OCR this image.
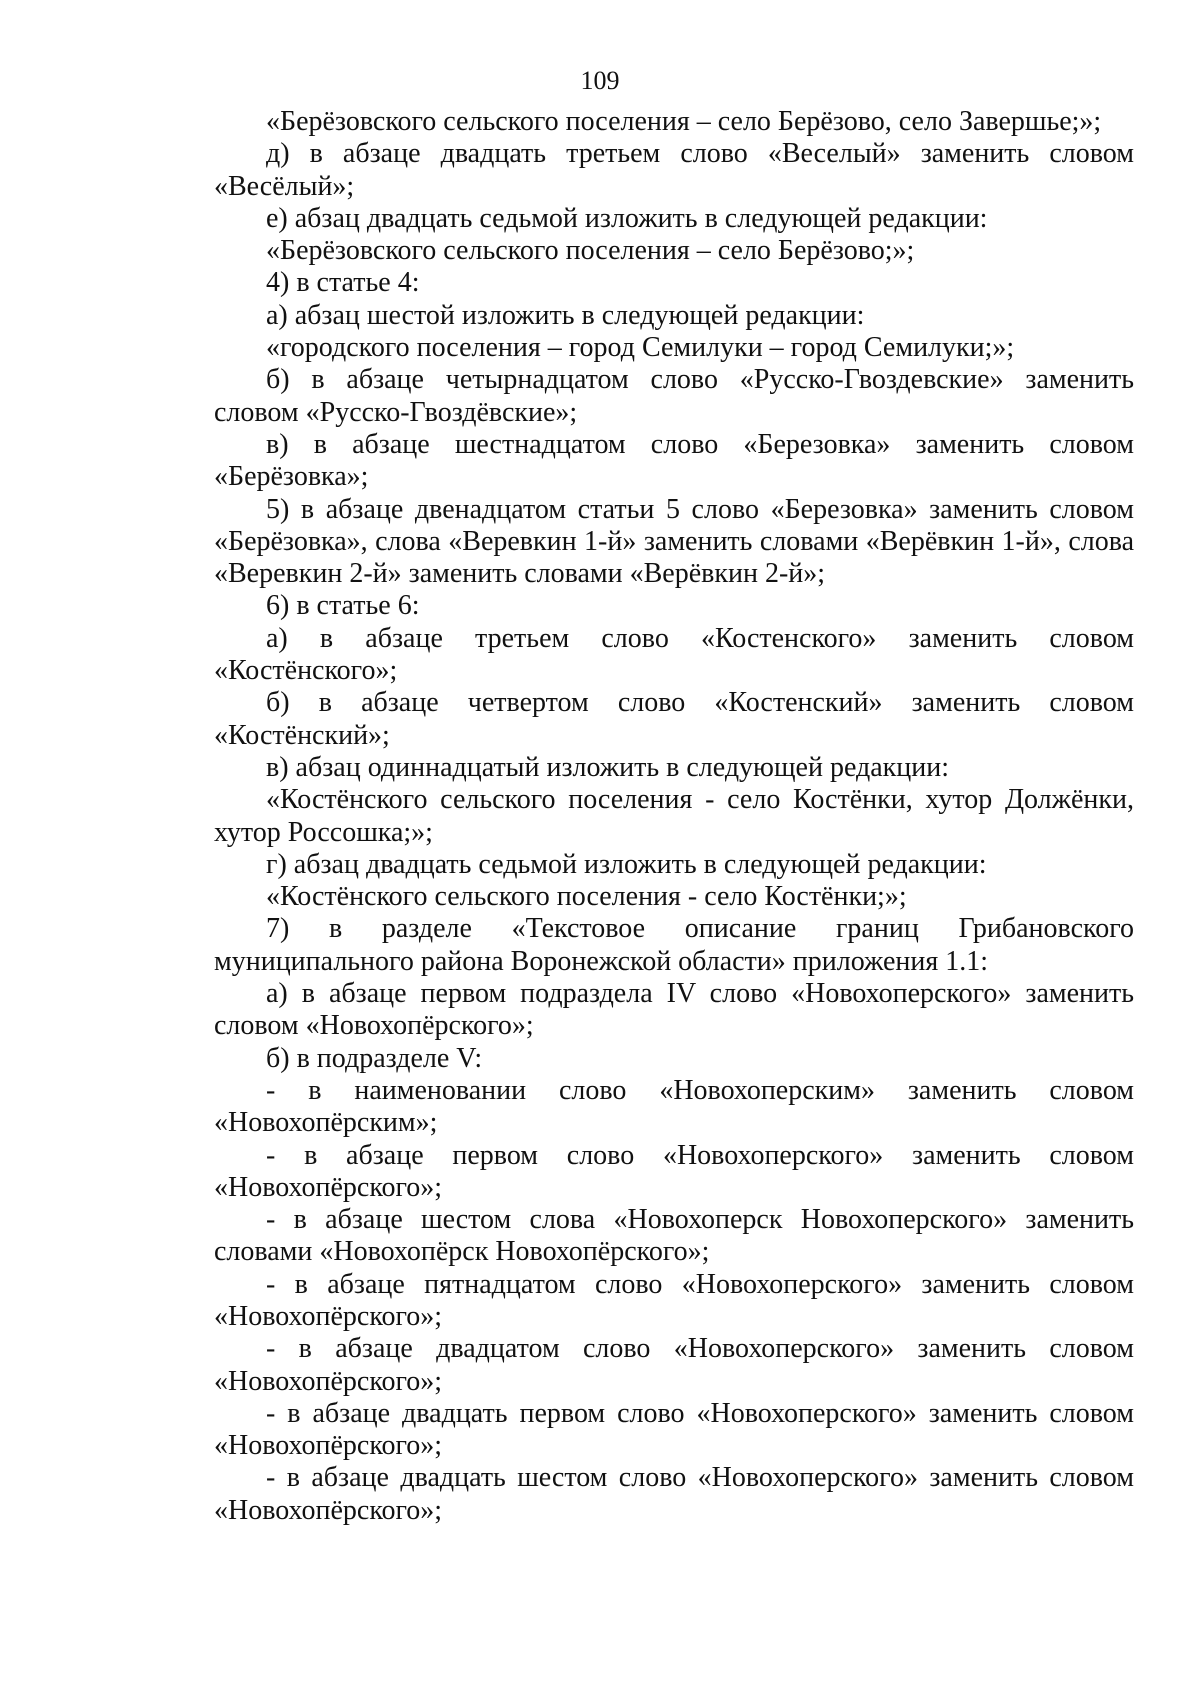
109

«Берёзовского сельского поселения – село Берёзово, село Завершье;»;

д) в абзаце двадцать третьем слово «Веселый» заменить словом «Весёлый»;

е) абзац двадцать седьмой изложить в следующей редакции:

«Берёзовского сельского поселения – село Берёзово;»;

4) в статье 4:

а) абзац шестой изложить в следующей редакции:

«городского поселения – город Семилуки – город Семилуки;»;

б) в абзаце четырнадцатом слово «Русско-Гвоздевские» заменить словом «Русско-Гвоздёвские»;

в) в абзаце шестнадцатом слово «Березовка» заменить словом «Берёзовка»;

5) в абзаце двенадцатом статьи 5 слово «Березовка» заменить словом «Берёзовка», слова «Веревкин 1-й» заменить словами «Верёвкин 1-й», слова «Веревкин 2-й» заменить словами «Верёвкин 2-й»;

6) в статье 6:

а) в абзаце третьем слово «Костенского» заменить словом «Костёнского»;

б) в абзаце четвертом слово «Костенский» заменить словом «Костёнский»;

в) абзац одиннадцатый изложить в следующей редакции:

«Костёнского сельского поселения - село Костёнки, хутор Должёнки, хутор Россошка;»;

г) абзац двадцать седьмой изложить в следующей редакции:

«Костёнского сельского поселения - село Костёнки;»;

7) в разделе «Текстовое описание границ Грибановского муниципального района Воронежской области» приложения 1.1:

а) в абзаце первом подраздела IV слово «Новохоперского» заменить словом «Новохопёрского»;

б) в подразделе V:

- в наименовании слово «Новохоперским» заменить словом «Новохопёрским»;

- в абзаце первом слово «Новохоперского» заменить словом «Новохопёрского»;

- в абзаце шестом слова «Новохоперск Новохоперского» заменить словами «Новохопёрск Новохопёрского»;

- в абзаце пятнадцатом слово «Новохоперского» заменить словом «Новохопёрского»;

- в абзаце двадцатом слово «Новохоперского» заменить словом «Новохопёрского»;

- в абзаце двадцать первом слово «Новохоперского» заменить словом «Новохопёрского»;

- в абзаце двадцать шестом слово «Новохоперского» заменить словом «Новохопёрского»;
